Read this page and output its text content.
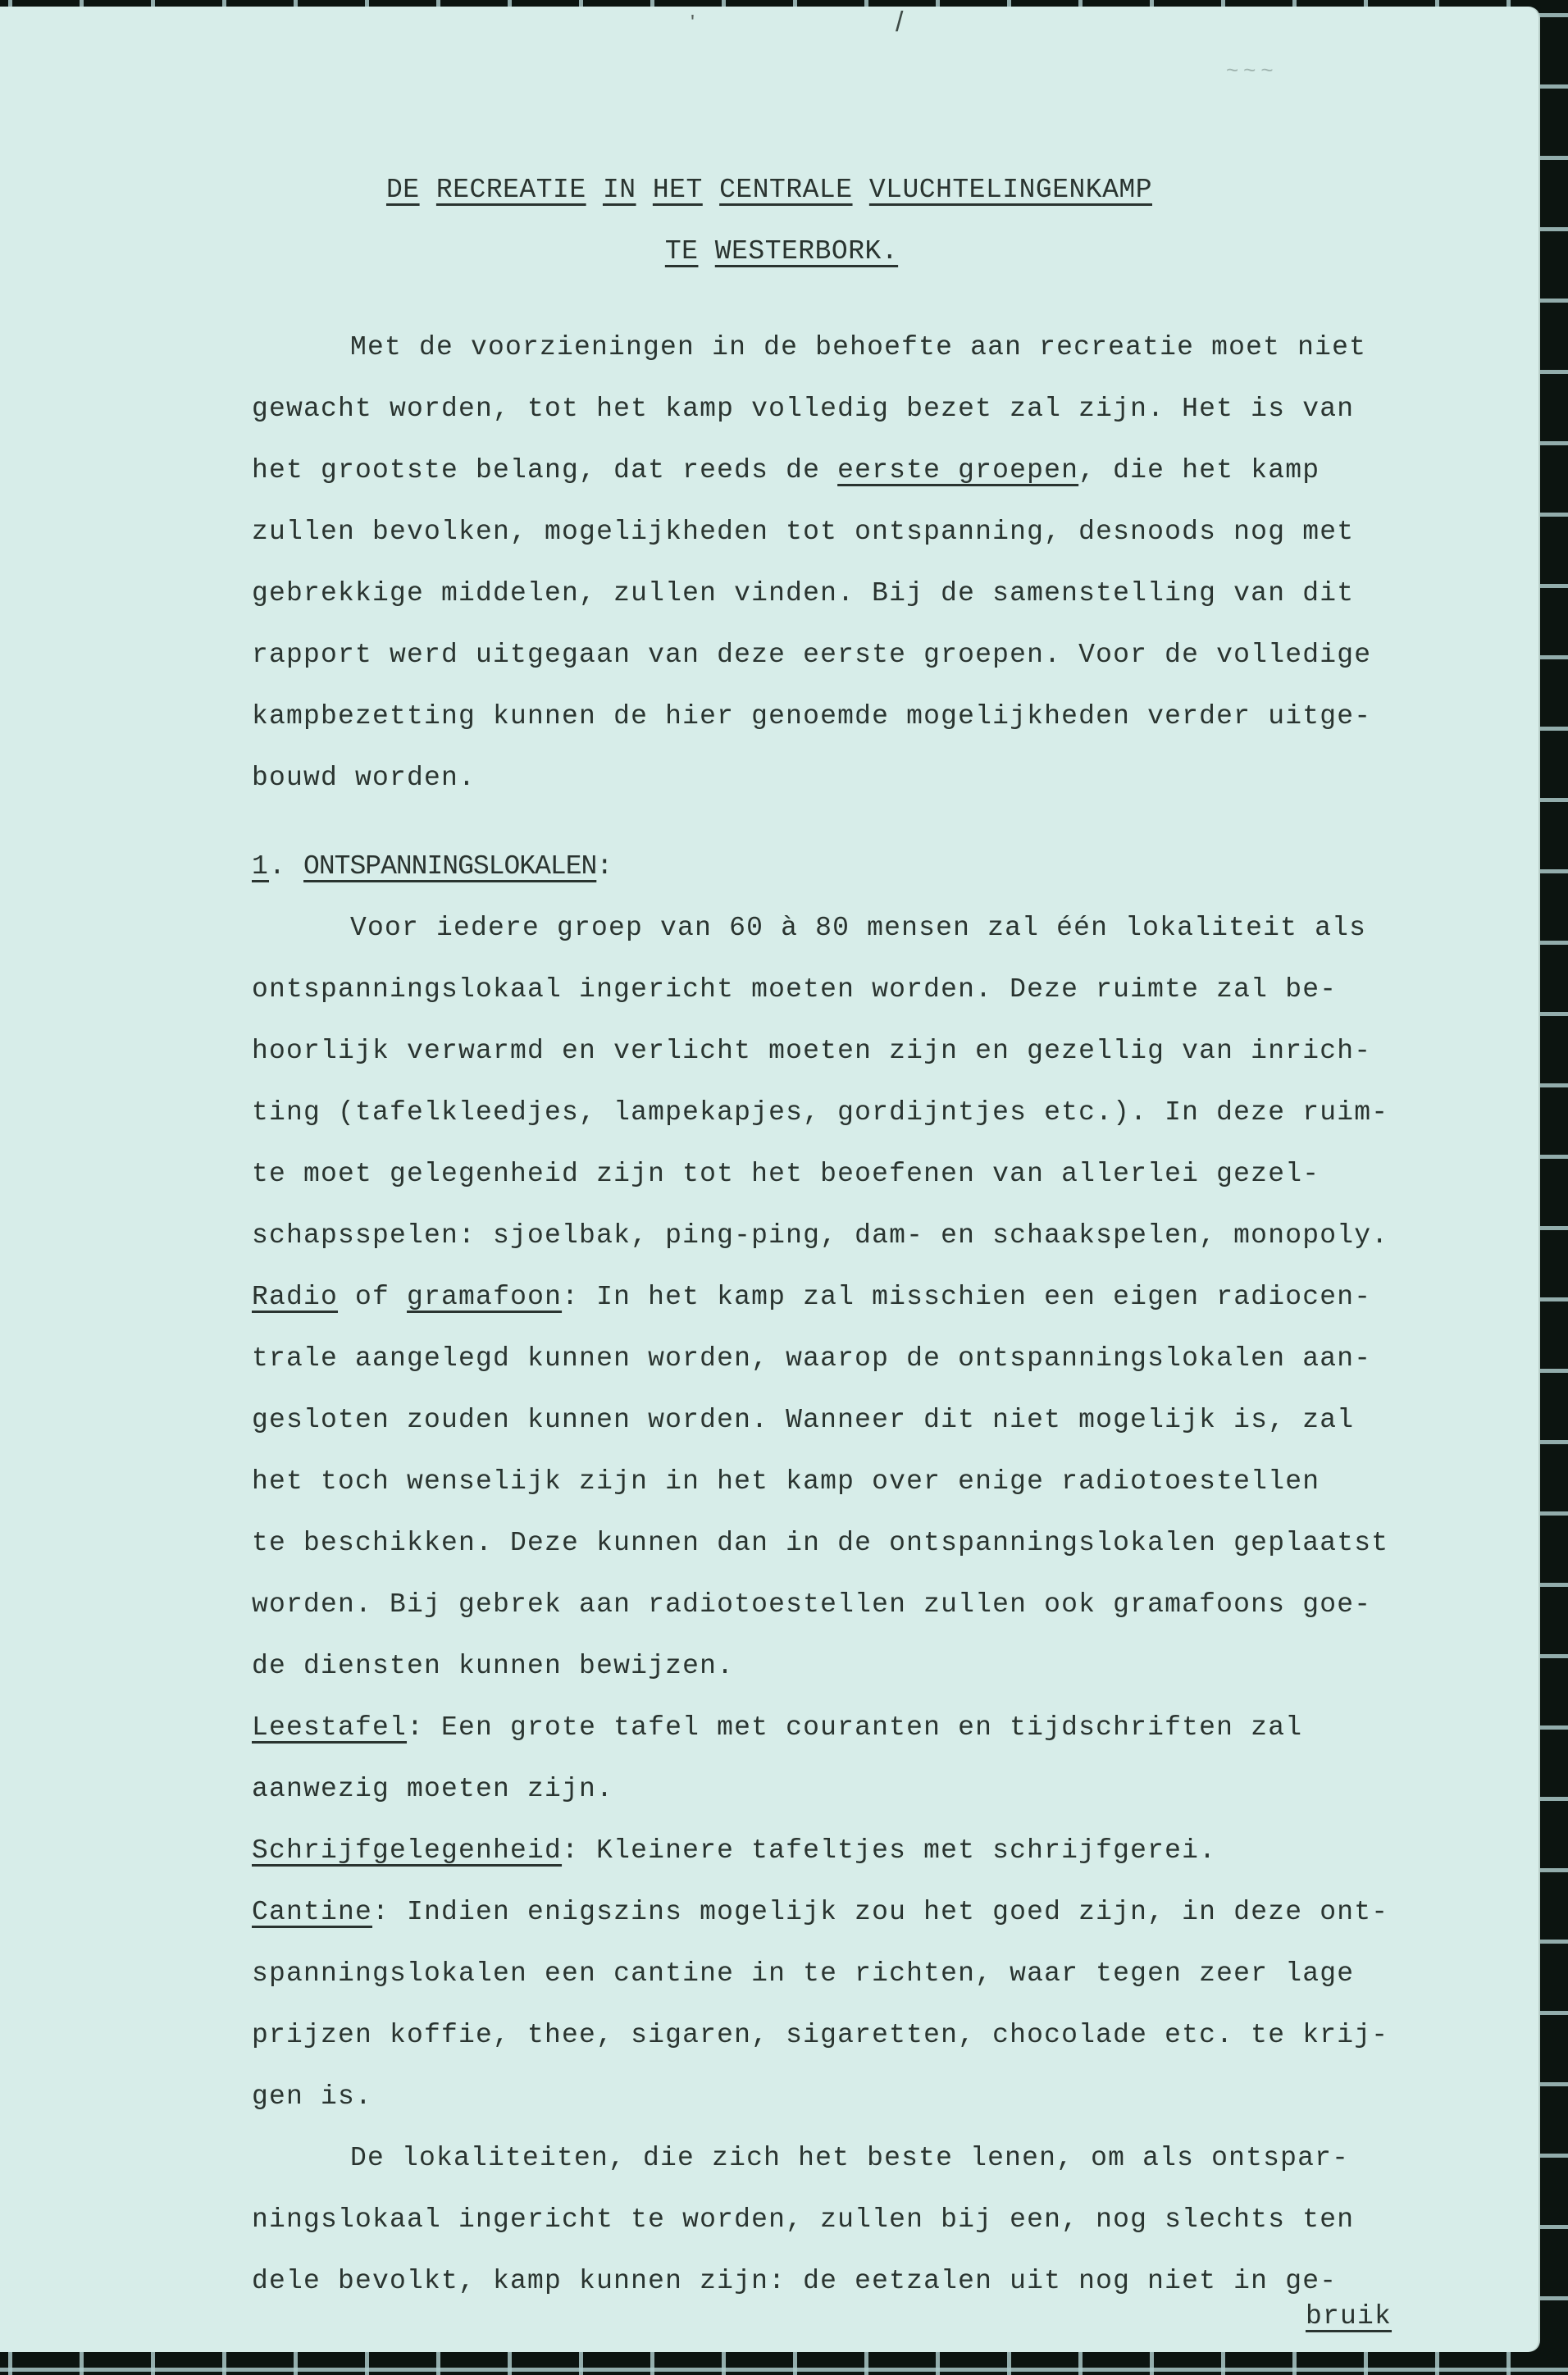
'	/
~~~
DE RECREATIE IN HET CENTRALE VLUCHTELINGENKAMP
TE WESTERBORK.
Met de voorzieningen in de behoefte aan recreatie moet niet
gewacht worden, tot het kamp volledig bezet zal zijn. Het is van
het grootste belang, dat reeds de eerste groepen, die het kamp
zullen bevolken, mogelijkheden tot ontspanning, desnoods nog met
gebrekkige middelen, zullen vinden. Bij de samenstelling van dit
rapport werd uitgegaan van deze eerste groepen. Voor de volledige
kampbezetting kunnen de hier genoemde mogelijkheden verder uitge-
bouwd worden.
1. ONTSPANNINGSLOKALEN:
Voor iedere groep van 60 à 80 mensen zal één lokaliteit als
ontspanningslokaal ingericht moeten worden. Deze ruimte zal be-
hoorlijk verwarmd en verlicht moeten zijn en gezellig van inrich-
ting (tafelkleedjes, lampekapjes, gordijntjes etc.). In deze ruim-
te moet gelegenheid zijn tot het beoefenen van allerlei gezel-
schapsspelen: sjoelbak, ping-ping, dam- en schaakspelen, monopoly.
Radio of gramafoon: In het kamp zal misschien een eigen radiocen-
trale aangelegd kunnen worden, waarop de ontspanningslokalen aan-
gesloten zouden kunnen worden. Wanneer dit niet mogelijk is, zal
het toch wenselijk zijn in het kamp over enige radiotoestellen
te beschikken. Deze kunnen dan in de ontspanningslokalen geplaatst
worden. Bij gebrek aan radiotoestellen zullen ook gramafoons goe-
de diensten kunnen bewijzen.
Leestafel: Een grote tafel met couranten en tijdschriften zal
aanwezig moeten zijn.
Schrijfgelegenheid: Kleinere tafeltjes met schrijfgerei.
Cantine: Indien enigszins mogelijk zou het goed zijn, in deze ont-
spanningslokalen een cantine in te richten, waar tegen zeer lage
prijzen koffie, thee, sigaren, sigaretten, chocolade etc. te krij-
gen is.
De lokaliteiten, die zich het beste lenen, om als ontspar-
ningslokaal ingericht te worden, zullen bij een, nog slechts ten
dele bevolkt, kamp kunnen zijn: de eetzalen uit nog niet in ge-
bruik
